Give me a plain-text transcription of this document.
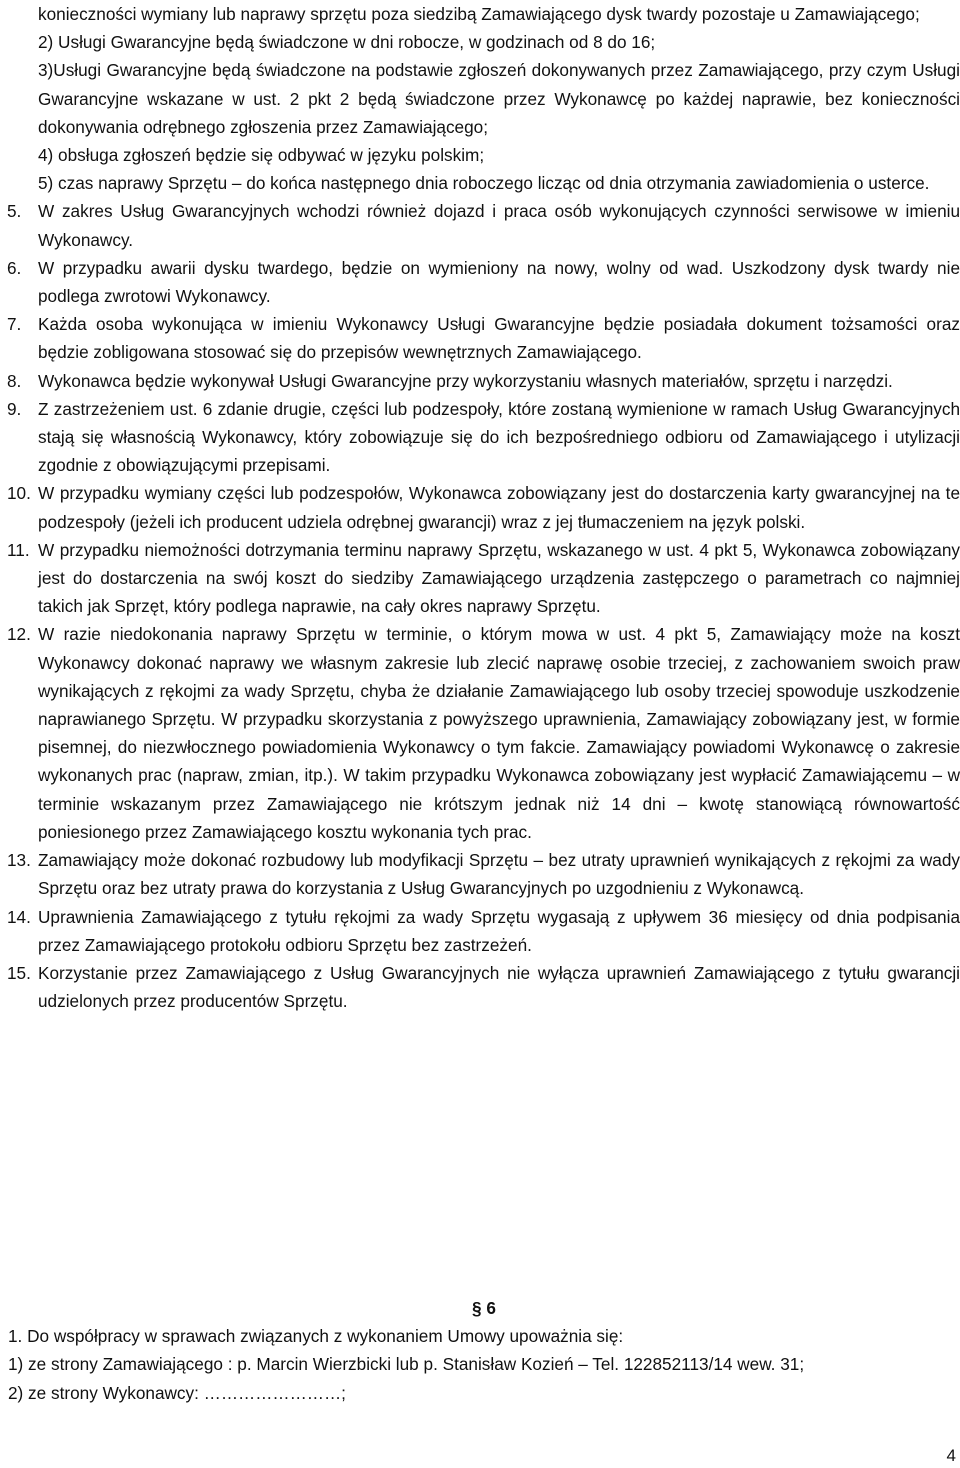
konieczności wymiany lub naprawy sprzętu poza siedzibą Zamawiającego dysk twardy pozostaje u Zamawiającego;

2) Usługi Gwarancyjne będą świadczone w dni robocze, w godzinach od 8 do 16;

3)Usługi Gwarancyjne będą świadczone na podstawie zgłoszeń dokonywanych przez Zamawiającego, przy czym Usługi Gwarancyjne wskazane w ust. 2 pkt 2 będą świadczone przez Wykonawcę po każdej naprawie, bez konieczności dokonywania odrębnego zgłoszenia przez Zamawiającego;

4) obsługa zgłoszeń będzie się odbywać w języku polskim;

5) czas naprawy Sprzętu – do końca następnego dnia roboczego licząc od dnia otrzymania zawiadomienia o usterce.

5. W zakres Usług Gwarancyjnych wchodzi również dojazd i praca osób wykonujących czynności serwisowe w imieniu Wykonawcy.
6. W przypadku awarii dysku twardego, będzie on wymieniony na nowy, wolny od wad. Uszkodzony dysk twardy nie podlega zwrotowi Wykonawcy.
7. Każda osoba wykonująca w imieniu Wykonawcy Usługi Gwarancyjne będzie posiadała dokument tożsamości oraz będzie zobligowana stosować się do przepisów wewnętrznych Zamawiającego.
8. Wykonawca będzie wykonywał Usługi Gwarancyjne przy wykorzystaniu własnych materiałów, sprzętu i narzędzi.
9. Z zastrzeżeniem ust. 6 zdanie drugie, części lub podzespoły, które zostaną wymienione w ramach Usług Gwarancyjnych stają się własnością Wykonawcy, który zobowiązuje się do ich bezpośredniego odbioru od Zamawiającego i utylizacji zgodnie z obowiązującymi przepisami.
10. W przypadku wymiany części lub podzespołów, Wykonawca zobowiązany jest do dostarczenia karty gwarancyjnej na te podzespoły (jeżeli ich producent udziela odrębnej gwarancji) wraz z jej tłumaczeniem na język polski.
11. W przypadku niemożności dotrzymania terminu naprawy Sprzętu, wskazanego w ust. 4 pkt 5, Wykonawca zobowiązany jest do dostarczenia na swój koszt do siedziby Zamawiającego urządzenia zastępczego o parametrach co najmniej takich jak Sprzęt, który podlega naprawie, na cały okres naprawy Sprzętu.
12. W razie niedokonania naprawy Sprzętu w terminie, o którym mowa w ust. 4 pkt 5, Zamawiający może na koszt Wykonawcy dokonać naprawy we własnym zakresie lub zlecić naprawę osobie trzeciej, z zachowaniem swoich praw wynikających z rękojmi za wady Sprzętu, chyba że działanie Zamawiającego lub osoby trzeciej spowoduje uszkodzenie naprawianego Sprzętu. W przypadku skorzystania z powyższego uprawnienia, Zamawiający zobowiązany jest, w formie pisemnej, do niezwłocznego powiadomienia Wykonawcy o tym fakcie. Zamawiający powiadomi Wykonawcę o zakresie wykonanych prac (napraw, zmian, itp.). W takim przypadku Wykonawca zobowiązany jest wypłacić Zamawiającemu – w terminie wskazanym przez Zamawiającego nie krótszym jednak niż 14 dni – kwotę stanowiącą równowartość poniesionego przez Zamawiającego kosztu wykonania tych prac.
13. Zamawiający może dokonać rozbudowy lub modyfikacji Sprzętu – bez utraty uprawnień wynikających z rękojmi za wady Sprzętu oraz bez utraty prawa do korzystania z Usług Gwarancyjnych po uzgodnieniu z Wykonawcą.
14. Uprawnienia Zamawiającego z tytułu rękojmi za wady Sprzętu wygasają z upływem 36 miesięcy od dnia podpisania przez Zamawiającego protokołu odbioru Sprzętu bez zastrzeżeń.
15. Korzystanie przez Zamawiającego z Usług Gwarancyjnych nie wyłącza uprawnień Zamawiającego z tytułu gwarancji udzielonych przez producentów Sprzętu.
§ 6

1. Do współpracy w sprawach związanych z wykonaniem Umowy upoważnia się:

1) ze strony Zamawiającego : p. Marcin Wierzbicki lub p. Stanisław Kozień – Tel. 122852113/14 wew. 31;

2) ze strony Wykonawcy: ……………………;

4
